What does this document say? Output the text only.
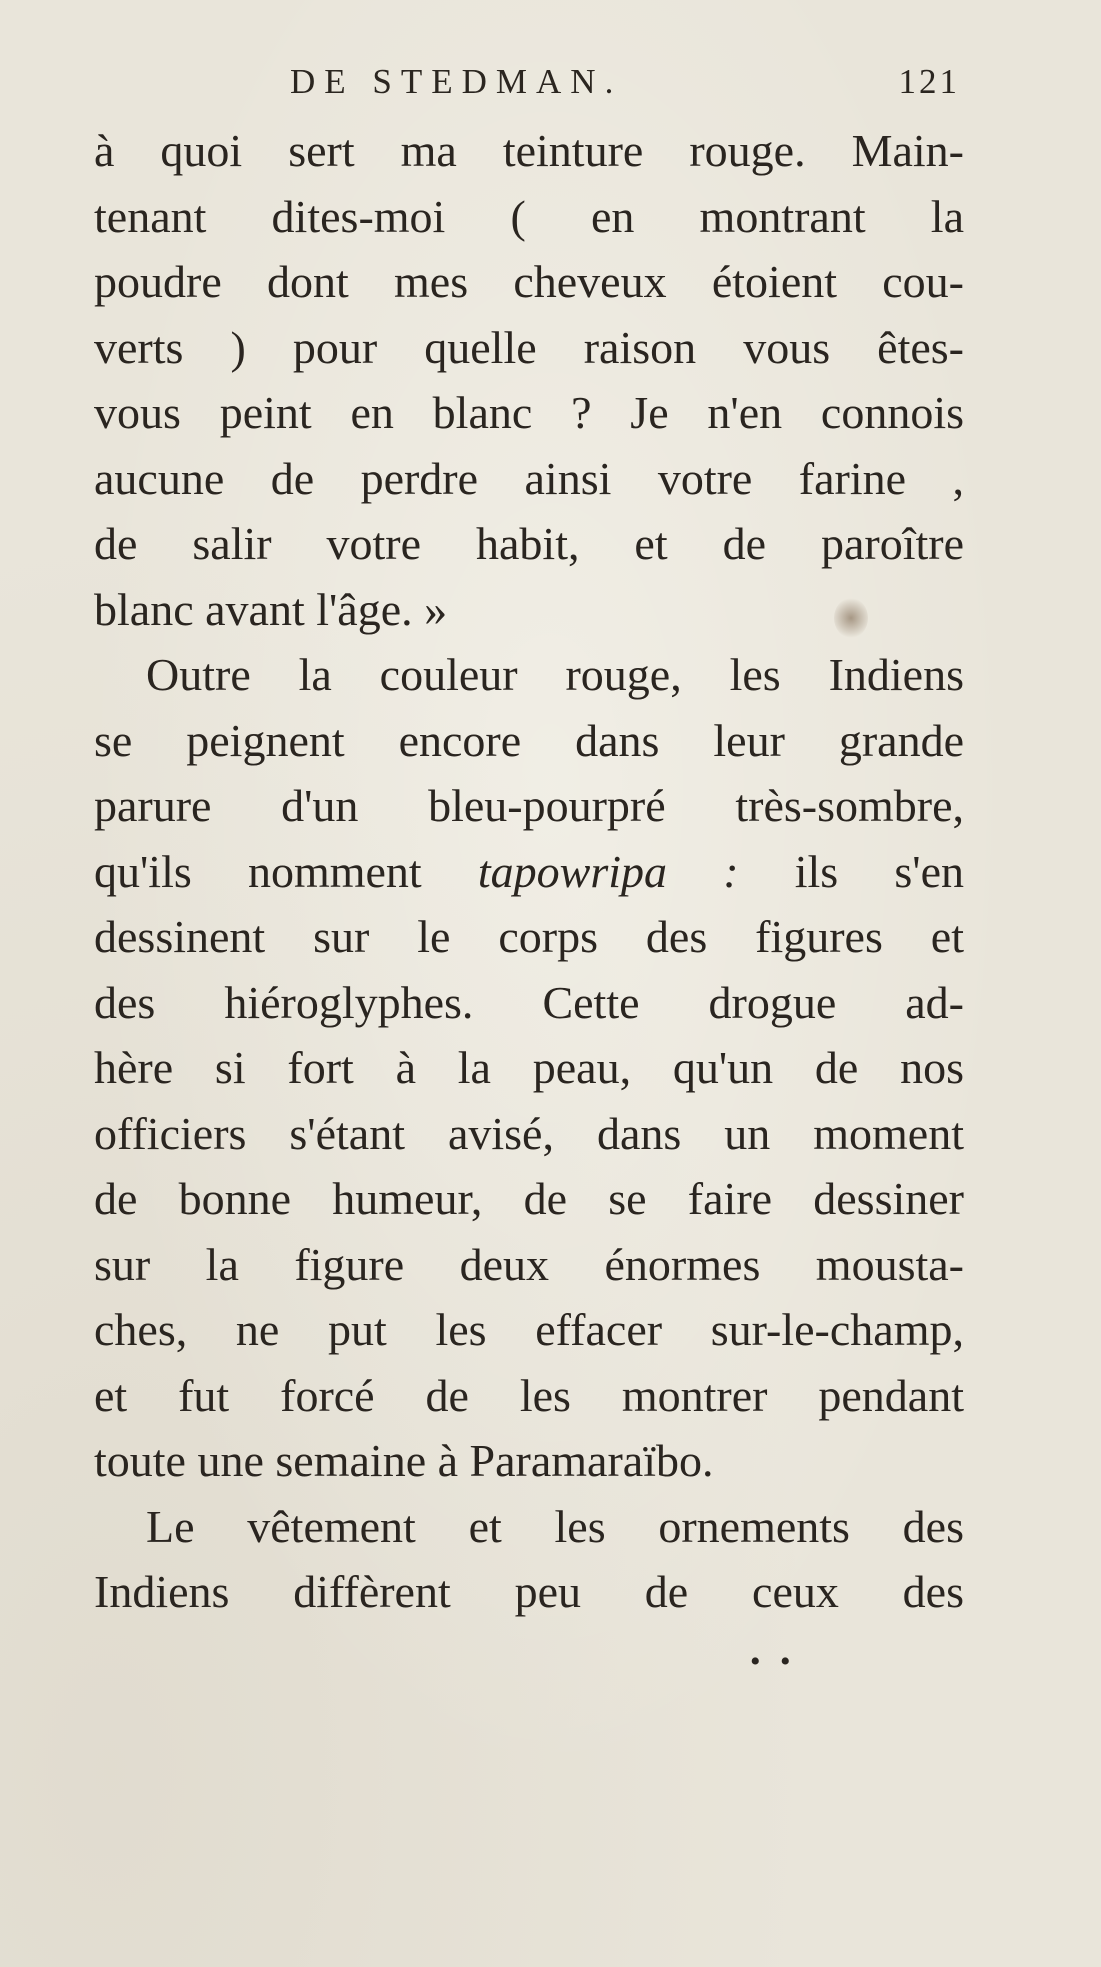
DE STEDMAN.	121
à quoi sert ma teinture rouge. Main-
tenant dites-moi ( en montrant la
poudre dont mes cheveux étoient cou-
verts ) pour quelle raison vous êtes-
vous peint en blanc ? Je n'en connois
aucune de perdre ainsi votre farine ,
de salir votre habit, et de paroître
blanc avant l'âge. »
Outre la couleur rouge, les Indiens
se peignent encore dans leur grande
parure d'un bleu-pourpré très-sombre,
qu'ils nomment tapowripa : ils s'en
dessinent sur le corps des figures et
des hiéroglyphes. Cette drogue ad-
hère si fort à la peau, qu'un de nos
officiers s'étant avisé, dans un moment
de bonne humeur, de se faire dessiner
sur la figure deux énormes mousta-
ches, ne put les effacer sur-le-champ,
et fut forcé de les montrer pendant
toute une semaine à Paramaraïbo.
Le vêtement et les ornements des
Indiens diffèrent peu de ceux des
• •
